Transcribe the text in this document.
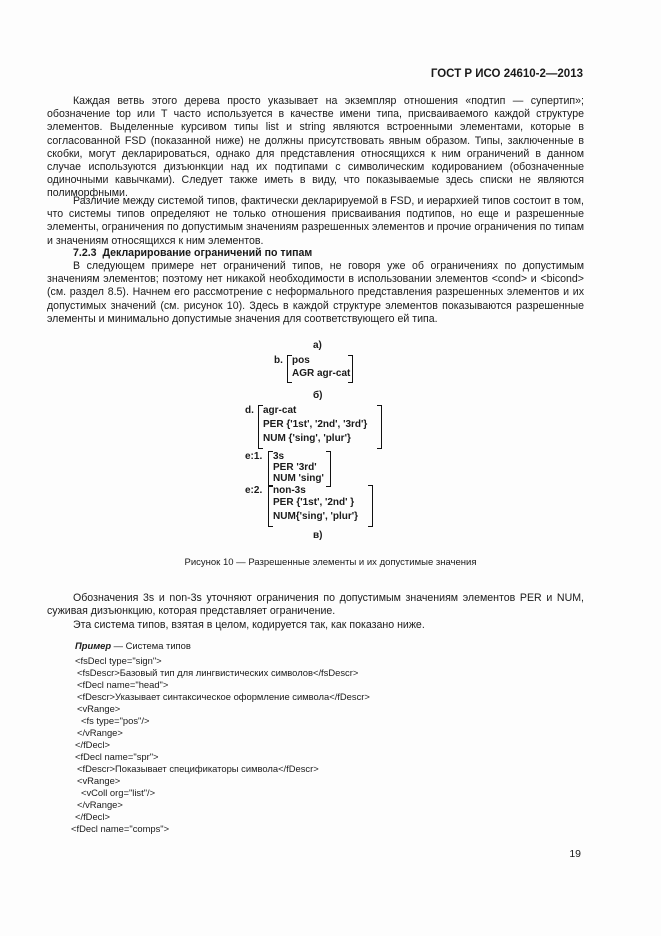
ГОСТ Р ИСО 24610-2—2013

Каждая ветвь этого дерева просто указывает на экземпляр отношения «подтип — супертип»; обозначение top или Т часто используется в качестве имени типа, присваиваемого каждой структуре элементов. Выделенные курсивом типы list и string являются встроенными элементами, которые в согласованной FSD (показанной ниже) не должны присутствовать явным образом. Типы, заключенные в скобки, могут декларироваться, однако для представления относящихся к ним ограничений в данном случае используются дизъюнкции над их подтипами с символическим кодированием (обозначенные одиночными кавычками). Следует также иметь в виду, что показываемые здесь списки не являются полиморфными.

Различие между системой типов, фактически декларируемой в FSD, и иерархией типов состоит в том, что системы типов определяют не только отношения присваивания подтипов, но еще и разрешенные элементы, ограничения по допустимым значениям разрешенных элементов и прочие ограничения по типам и значениям относящихся к ним элементов.

7.2.3 Декларирование ограничений по типам

В следующем примере нет ограничений типов, не говоря уже об ограничениях по допустимым значениям элементов; поэтому нет никакой необходимости в использовании элементов <cond> и <bicond> (см. раздел 8.5). Начнем его рассмотрение с неформального представления разрешенных элементов и их допустимых значений (см. рисунок 10). Здесь в каждой структуре элементов показываются разрешенные элементы и минимально допустимые значения для соответствующего ей типа.

а)
b. pos
AGR agr-cat
б)
d. agr-cat
PER {'1st', '2nd', '3rd'}
NUM {'sing', 'plur'}
e:1. 3s
PER '3rd'
NUM 'sing'
e:2. non-3s
PER {'1st', '2nd' }
NUM{'sing', 'plur'}
в)
Рисунок 10 — Разрешенные элементы и их допустимые значения

Обозначения 3s и non-3s уточняют ограничения по допустимым значениям элементов PER и NUM, суживая дизъюнкцию, которая представляет ограничение.

Эта система типов, взятая в целом, кодируется так, как показано ниже.

Пример — Система типов
<fsDecl type="sign">
<fsDescr>Базовый тип для лингвистических символов</fsDescr>
<fDecl name="head">
<fDescr>Указывает синтаксическое оформление символа</fDescr>
<vRange>
<fs type="pos"/>
</vRange>
</fDecl>
<fDecl name="spr">
<fDescr>Показывает спецификаторы символа</fDescr>
<vRange>
<vColl org="list"/>
</vRange>
</fDecl>
<fDecl name="comps">
19
